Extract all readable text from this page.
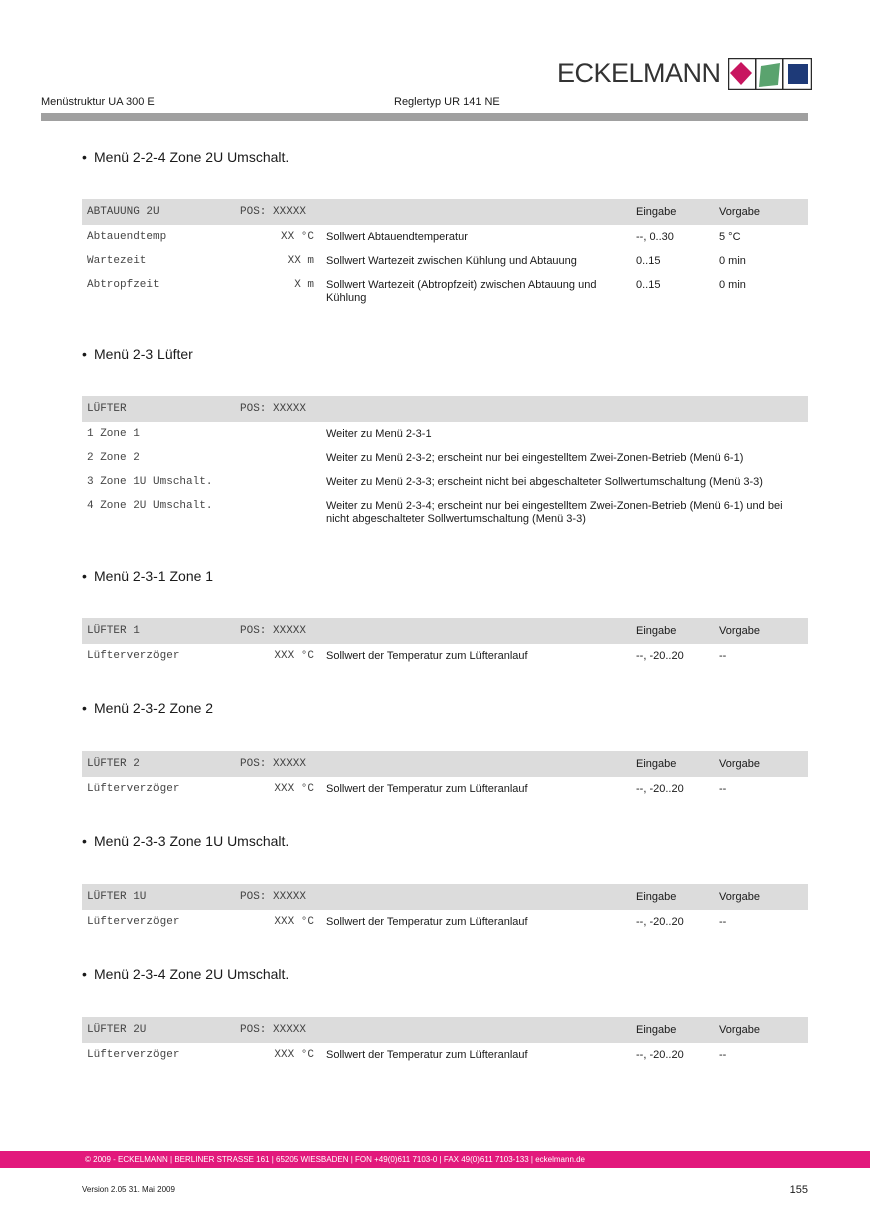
ECKELMANN
Menüstruktur UA 300 E	Reglertyp UR 141 NE
• Menü 2-2-4 Zone 2U Umschalt.
ABTAUUNG 2U	POS: XXXXX		Eingabe	Vorgabe
Abtauendtemp	XX °C	Sollwert Abtauendtemperatur	--, 0..30	5 °C
Wartezeit	XX m	Sollwert Wartezeit zwischen Kühlung und Abtauung	0..15	0 min
Abtropfzeit	X m	Sollwert Wartezeit (Abtropfzeit) zwischen Abtauung und Kühlung	0..15	0 min
• Menü 2-3 Lüfter
LÜFTER	POS: XXXXX	
1 Zone 1		Weiter zu Menü 2-3-1
2 Zone 2		Weiter zu Menü 2-3-2; erscheint nur bei eingestelltem Zwei-Zonen-Betrieb (Menü 6-1)
3 Zone 1U Umschalt.		Weiter zu Menü 2-3-3; erscheint nicht bei abgeschalteter Sollwertumschaltung (Menü 3-3)
4 Zone 2U Umschalt.		Weiter zu Menü 2-3-4; erscheint nur bei eingestelltem Zwei-Zonen-Betrieb (Menü 6-1) und bei nicht abgeschalteter Sollwertumschaltung (Menü 3-3)
• Menü 2-3-1 Zone 1
LÜFTER 1	POS: XXXXX		Eingabe	Vorgabe
Lüfterverzöger	XXX °C	Sollwert der Temperatur zum Lüfteranlauf	--, -20..20	--
• Menü 2-3-2 Zone 2
LÜFTER 2	POS: XXXXX		Eingabe	Vorgabe
Lüfterverzöger	XXX °C	Sollwert der Temperatur zum Lüfteranlauf	--, -20..20	--
• Menü 2-3-3 Zone 1U Umschalt.
LÜFTER 1U	POS: XXXXX		Eingabe	Vorgabe
Lüfterverzöger	XXX °C	Sollwert der Temperatur zum Lüfteranlauf	--, -20..20	--
• Menü 2-3-4 Zone 2U Umschalt.
LÜFTER 2U	POS: XXXXX		Eingabe	Vorgabe
Lüfterverzöger	XXX °C	Sollwert der Temperatur zum Lüfteranlauf	--, -20..20	--
© 2009 - ECKELMANN | BERLINER STRASSE 161 | 65205 WIESBADEN | FON +49(0)611 7103-0 | FAX 49(0)611 7103-133 | eckelmann.de
Version 2.05 31. Mai 2009	155
